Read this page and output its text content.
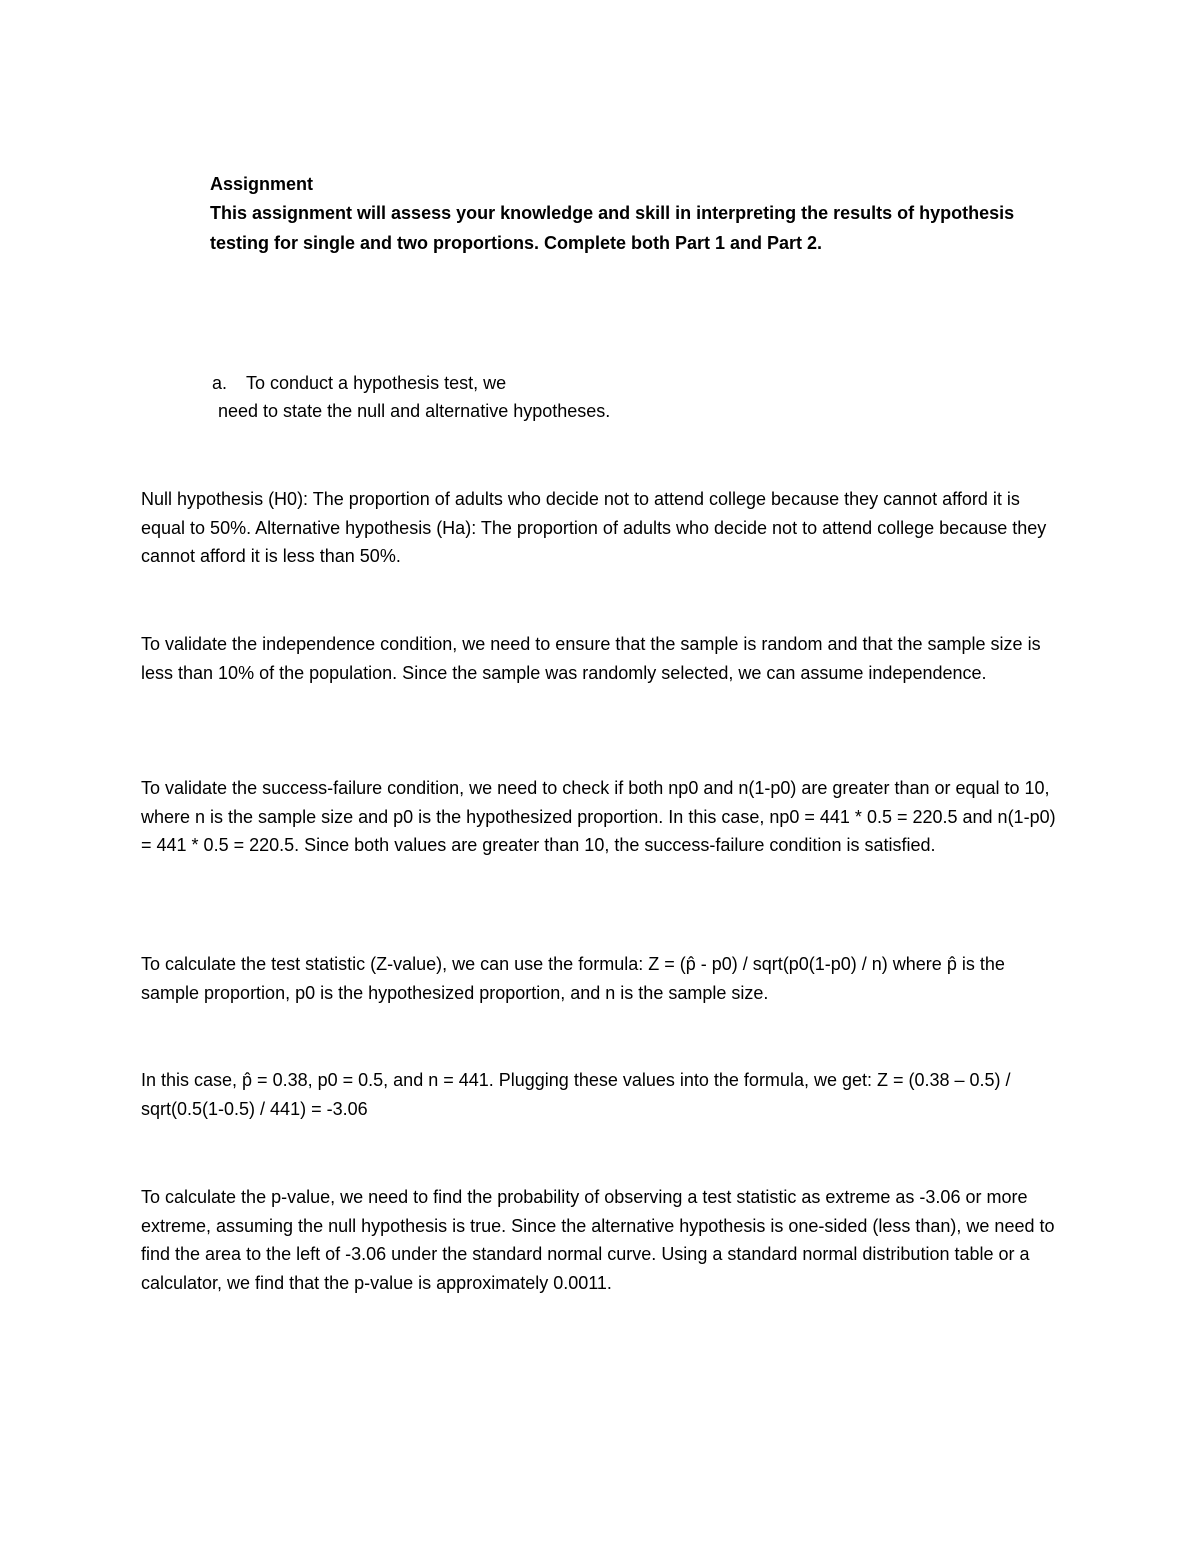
Assignment
This assignment will assess your knowledge and skill in interpreting the results of hypothesis testing for single and two proportions. Complete both Part 1 and Part 2.
a. To conduct a hypothesis test, we
need to state the null and alternative hypotheses.
Null hypothesis (H0): The proportion of adults who decide not to attend college because they cannot afford it is equal to 50%. Alternative hypothesis (Ha): The proportion of adults who decide not to attend college because they cannot afford it is less than 50%.
To validate the independence condition, we need to ensure that the sample is random and that the sample size is less than 10% of the population. Since the sample was randomly selected, we can assume independence.
To validate the success-failure condition, we need to check if both np0 and n(1-p0) are greater than or equal to 10, where n is the sample size and p0 is the hypothesized proportion. In this case, np0 = 441 * 0.5 = 220.5 and n(1-p0) = 441 * 0.5 = 220.5. Since both values are greater than 10, the success-failure condition is satisfied.
To calculate the test statistic (Z-value), we can use the formula: Z = (p̂ - p0) / sqrt(p0(1-p0) / n) where p̂ is the sample proportion, p0 is the hypothesized proportion, and n is the sample size.
In this case, p̂ = 0.38, p0 = 0.5, and n = 441. Plugging these values into the formula, we get: Z = (0.38 – 0.5) / sqrt(0.5(1-0.5) / 441) = -3.06
To calculate the p-value, we need to find the probability of observing a test statistic as extreme as -3.06 or more extreme, assuming the null hypothesis is true. Since the alternative hypothesis is one-sided (less than), we need to find the area to the left of -3.06 under the standard normal curve. Using a standard normal distribution table or a calculator, we find that the p-value is approximately 0.0011.
